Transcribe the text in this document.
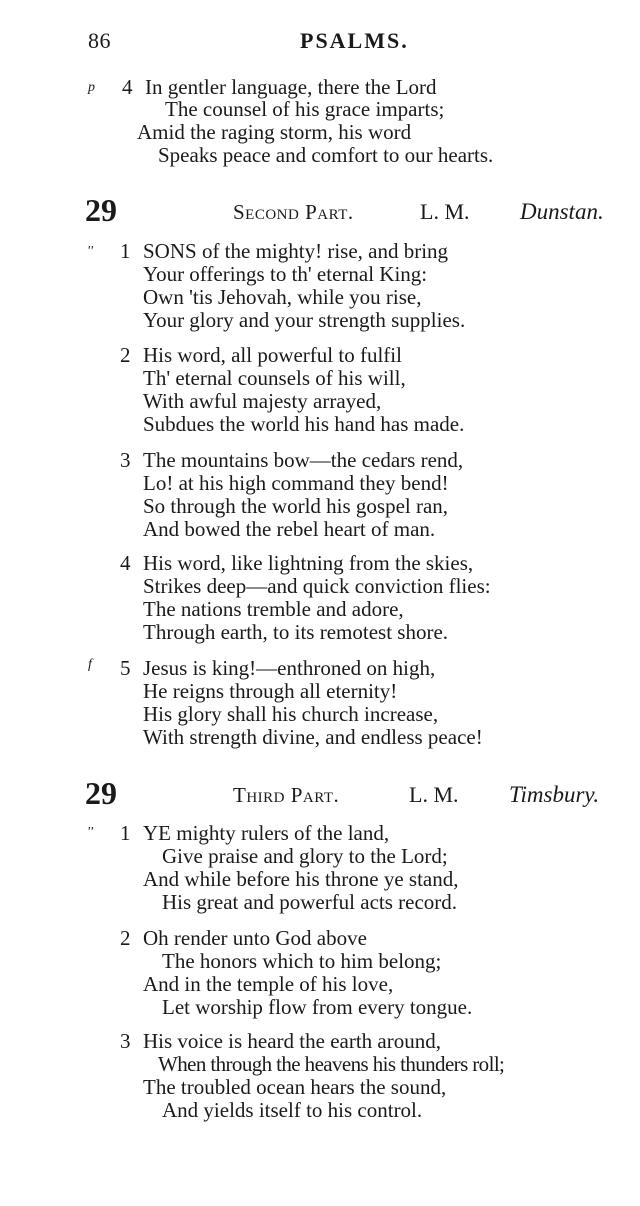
86	PSALMS.
p 4 In gentler language, there the Lord
The counsel of his grace imparts;
Amid the raging storm, his word
Speaks peace and comfort to our hearts.
29	Second Part.	L. M. Dunstan.
'' 1 SONS of the mighty! rise, and bring
Your offerings to th' eternal King:
Own 'tis Jehovah, while you rise,
Your glory and your strength supplies.
2 His word, all powerful to fulfil
Th' eternal counsels of his will,
With awful majesty arrayed,
Subdues the world his hand has made.
3 The mountains bow—the cedars rend,
Lo! at his high command they bend!
So through the world his gospel ran,
And bowed the rebel heart of man.
4 His word, like lightning from the skies,
Strikes deep—and quick conviction flies:
The nations tremble and adore,
Through earth, to its remotest shore.
f 5 Jesus is king!—enthroned on high,
He reigns through all eternity!
His glory shall his church increase,
With strength divine, and endless peace!
29	Third Part.	L. M. Timsbury.
'' 1 YE mighty rulers of the land,
Give praise and glory to the Lord;
And while before his throne ye stand,
His great and powerful acts record.
2 Oh render unto God above
The honors which to him belong;
And in the temple of his love,
Let worship flow from every tongue.
3 His voice is heard the earth around,
When through the heavens his thunders roll;
The troubled ocean hears the sound,
And yields itself to his control.
